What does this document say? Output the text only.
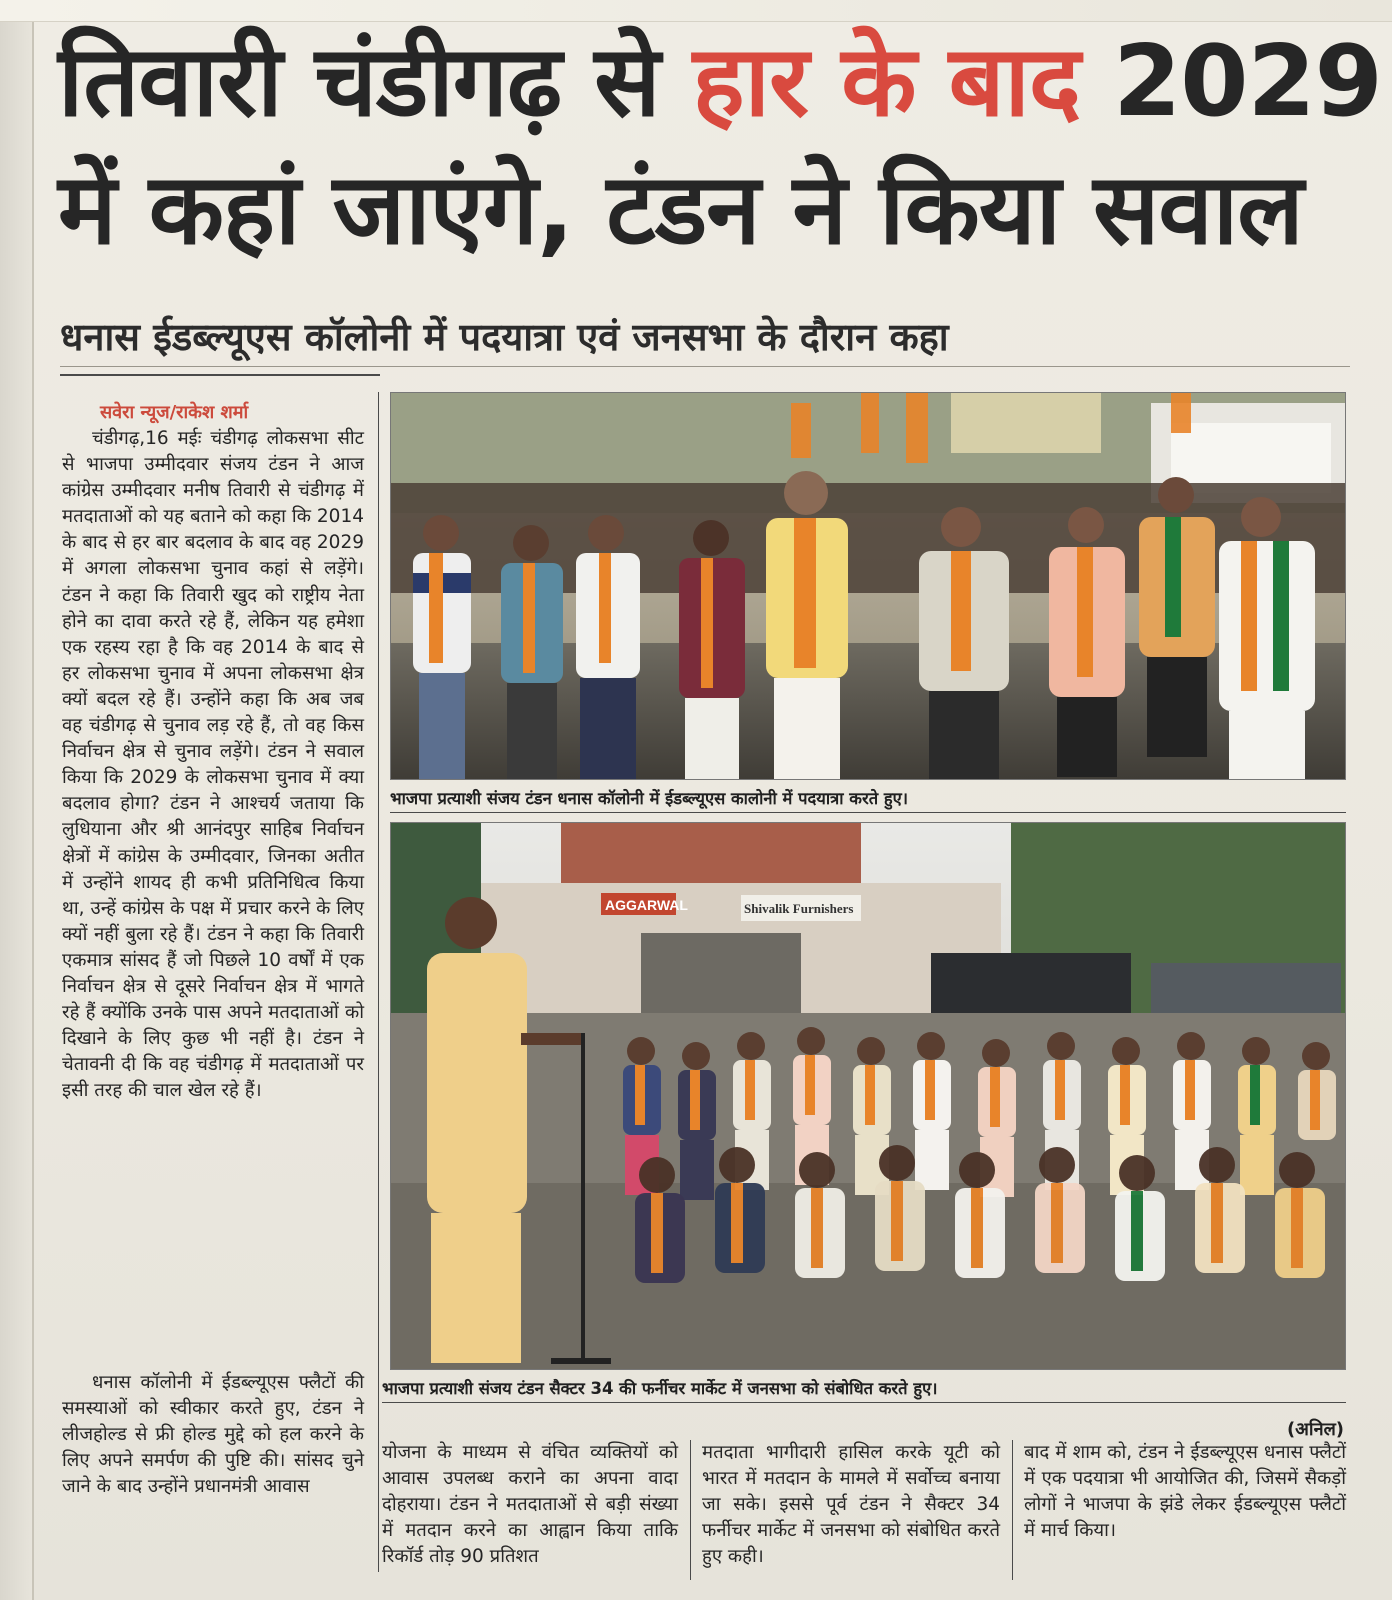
तिवारी चंडीगढ़ से हार के बाद 2029
में कहां जाएंगे, टंडन ने किया सवाल
धनास ईडब्ल्यूएस कॉलोनी में पदयात्रा एवं जनसभा के दौरान कहा
सवेरा न्यूज/राकेश शर्मा

चंडीगढ़,16 मईः चंडीगढ़ लोकसभा सीट से भाजपा उम्मीदवार संजय टंडन ने आज कांग्रेस उम्मीदवार मनीष तिवारी से चंडीगढ़ में मतदाताओं को यह बताने को कहा कि 2014 के बाद से हर बार बदलाव के बाद वह 2029 में अगला लोकसभा चुनाव कहां से लड़ेंगे। टंडन ने कहा कि तिवारी खुद को राष्ट्रीय नेता होने का दावा करते रहे हैं, लेकिन यह हमेशा एक रहस्य रहा है कि वह 2014 के बाद से हर लोकसभा चुनाव में अपना लोकसभा क्षेत्र क्यों बदल रहे हैं। उन्होंने कहा कि अब जब वह चंडीगढ़ से चुनाव लड़ रहे हैं, तो वह किस निर्वाचन क्षेत्र से चुनाव लड़ेंगे। टंडन ने सवाल किया कि 2029 के लोकसभा चुनाव में क्या बदलाव होगा? टंडन ने आश्चर्य जताया कि लुधियाना और श्री आनंदपुर साहिब निर्वाचन क्षेत्रों में कांग्रेस के उम्मीदवार, जिनका अतीत में उन्होंने शायद ही कभी प्रतिनिधित्व किया था, उन्हें कांग्रेस के पक्ष में प्रचार करने के लिए क्यों नहीं बुला रहे हैं। टंडन ने कहा कि तिवारी एकमात्र सांसद हैं जो पिछले 10 वर्षों में एक निर्वाचन क्षेत्र से दूसरे निर्वाचन क्षेत्र में भागते रहे हैं क्योंकि उनके पास अपने मतदाताओं को दिखाने के लिए कुछ भी नहीं है। टंडन ने चेतावनी दी कि वह चंडीगढ़ में मतदाताओं पर इसी तरह की चाल खेल रहे हैं।

भाजपा प्रत्याशी संजय टंडन धनास कॉलोनी में ईडब्ल्यूएस कालोनी में पदयात्रा करते हुए।
AGGARWAL	Shivalik Furnishers
भाजपा प्रत्याशी संजय टंडन सैक्टर 34 की फर्नीचर मार्केट में जनसभा को संबोधित करते हुए।
(अनिल)

धनास कॉलोनी में ईडब्ल्यूएस फ्लैटों की समस्याओं को स्वीकार करते हुए, टंडन ने लीजहोल्ड से फ्री होल्ड मुद्दे को हल करने के लिए अपने समर्पण की पुष्टि की। सांसद चुने जाने के बाद उन्होंने प्रधानमंत्री आवास

योजना के माध्यम से वंचित व्यक्तियों को आवास उपलब्ध कराने का अपना वादा दोहराया। टंडन ने मतदाताओं से बड़ी संख्या में मतदान करने का आह्वान किया ताकि रिकॉर्ड तोड़ 90 प्रतिशत

मतदाता भागीदारी हासिल करके यूटी को भारत में मतदान के मामले में सर्वोच्च बनाया जा सके। इससे पूर्व टंडन ने सैक्टर 34 फर्नीचर मार्केट में जनसभा को संबोधित करते हुए कही।

बाद में शाम को, टंडन ने ईडब्ल्यूएस धनास फ्लैटों में एक पदयात्रा भी आयोजित की, जिसमें सैकड़ों लोगों ने भाजपा के झंडे लेकर ईडब्ल्यूएस फ्लैटों में मार्च किया।
